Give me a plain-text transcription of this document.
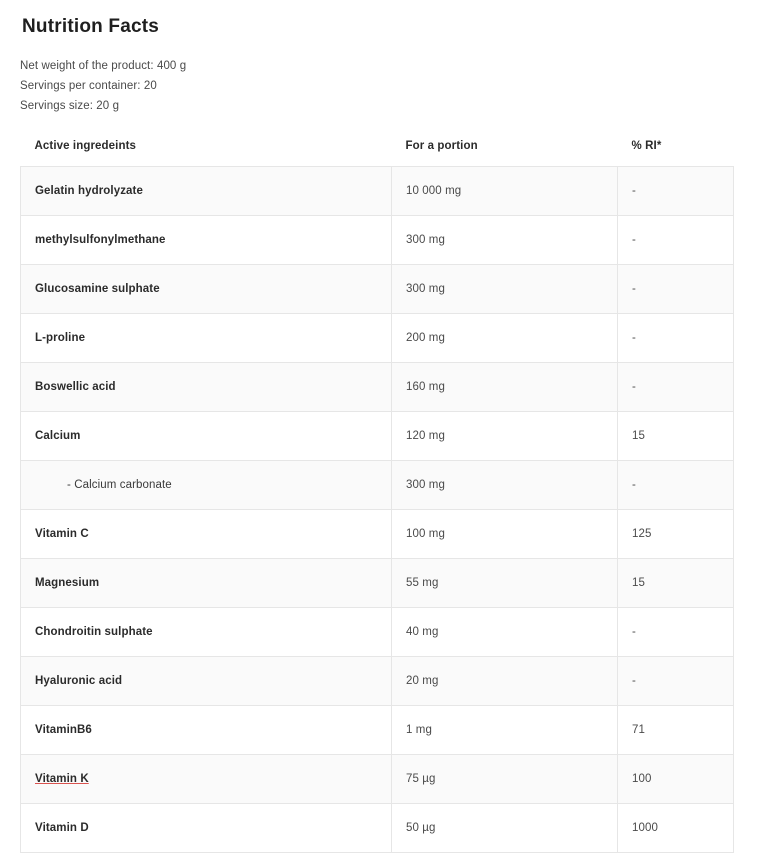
Nutrition Facts
Net weight of the product: 400 g
Servings per container: 20
Servings size: 20 g
Active ingredeints	For a portion	% RI*
Gelatin hydrolyzate	10 000 mg	-
methylsulfonylmethane	300 mg	-
Glucosamine sulphate	300 mg	-
L-proline	200 mg	-
Boswellic acid	160 mg	-
Calcium	120 mg	15
- Calcium carbonate	300 mg	-
Vitamin C	100 mg	125
Magnesium	55 mg	15
Chondroitin sulphate	40 mg	-
Hyaluronic acid	20 mg	-
VitaminB6	1 mg	71
Vitamin K	75 µg	100
Vitamin D	50 µg	1000
